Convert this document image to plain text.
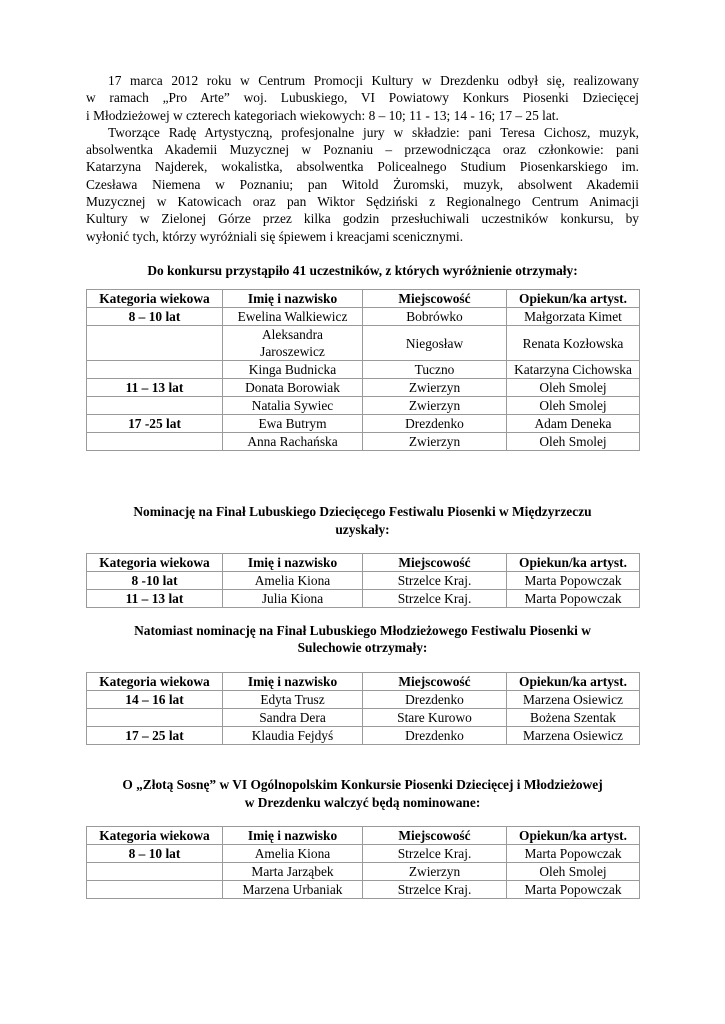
17 marca 2012 roku w Centrum Promocji Kultury w Drezdenku odbył się, realizowany
w ramach „Pro Arte” woj. Lubuskiego, VI Powiatowy Konkurs Piosenki Dziecięcej
i Młodzieżowej w czterech kategoriach wiekowych: 8 – 10; 11 - 13; 14 - 16; 17 – 25 lat.
Tworzące Radę Artystyczną, profesjonalne jury w składzie: pani Teresa Cichosz, muzyk,
absolwentka Akademii Muzycznej w Poznaniu – przewodnicząca oraz członkowie: pani
Katarzyna Najderek, wokalistka, absolwentka Policealnego Studium Piosenkarskiego im.
Czesława Niemena w Poznaniu; pan Witold Żuromski, muzyk, absolwent Akademii
Muzycznej w Katowicach oraz pan Wiktor Sędziński z Regionalnego Centrum Animacji
Kultury w Zielonej Górze przez kilka godzin przesłuchiwali uczestników konkursu, by
wyłonić tych, którzy wyróżniali się śpiewem i kreacjami scenicznymi.
Do konkursu przystąpiło 41 uczestników, z których wyróżnienie otrzymały:
Kategoria wiekowa	Imię i nazwisko	Miejscowość	Opiekun/ka artyst.
8 – 10 lat	Ewelina Walkiewicz	Bobrówko	Małgorzata Kimet
	Aleksandra Jaroszewicz	Niegosław	Renata Kozłowska
	Kinga Budnicka	Tuczno	Katarzyna Cichowska
11 – 13 lat	Donata Borowiak	Zwierzyn	Oleh Smolej
	Natalia Sywiec	Zwierzyn	Oleh Smolej
17 -25 lat	Ewa Butrym	Drezdenko	Adam Deneka
	Anna Rachańska	Zwierzyn	Oleh Smolej
Nominację na Finał Lubuskiego Dziecięcego Festiwalu Piosenki w Międzyrzeczu
uzyskały:
Kategoria wiekowa	Imię i nazwisko	Miejscowość	Opiekun/ka artyst.
8 -10 lat	Amelia Kiona	Strzelce Kraj.	Marta Popowczak
11 – 13 lat	Julia Kiona	Strzelce Kraj.	Marta Popowczak
Natomiast nominację na Finał Lubuskiego Młodzieżowego Festiwalu Piosenki w
Sulechowie otrzymały:
Kategoria wiekowa	Imię i nazwisko	Miejscowość	Opiekun/ka artyst.
14 – 16 lat	Edyta Trusz	Drezdenko	Marzena Osiewicz
	Sandra Dera	Stare Kurowo	Bożena Szentak
17 – 25 lat	Klaudia Fejdyś	Drezdenko	Marzena Osiewicz
O „Złotą Sosnę” w VI Ogólnopolskim Konkursie Piosenki Dziecięcej i Młodzieżowej
w Drezdenku walczyć będą nominowane:
Kategoria wiekowa	Imię i nazwisko	Miejscowość	Opiekun/ka artyst.
8 – 10 lat	Amelia Kiona	Strzelce Kraj.	Marta Popowczak
	Marta Jarząbek	Zwierzyn	Oleh Smolej
	Marzena Urbaniak	Strzelce Kraj.	Marta Popowczak
